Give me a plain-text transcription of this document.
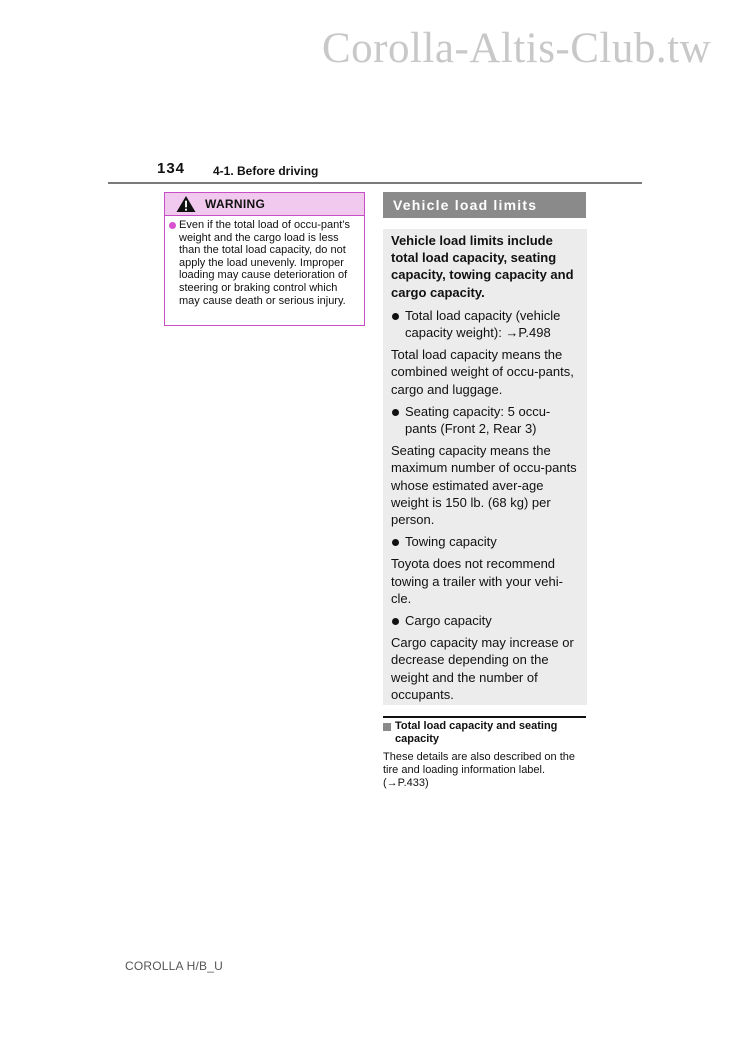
Corolla-Altis-Club.tw
134 4-1. Before driving
WARNING
Even if the total load of occu-pant’s weight and the cargo load is less than the total load capacity, do not apply the load unevenly. Improper loading may cause deterioration of steering or braking control which may cause death or serious injury.
Vehicle load limits
Vehicle load limits include total load capacity, seating capacity, towing capacity and cargo capacity.
Total load capacity (vehicle capacity weight): →P.498
Total load capacity means the combined weight of occu-pants, cargo and luggage.
Seating capacity: 5 occu-pants (Front 2, Rear 3)
Seating capacity means the maximum number of occu-pants whose estimated aver-age weight is 150 lb. (68 kg) per person.
Towing capacity
Toyota does not recommend towing a trailer with your vehi-cle.
Cargo capacity
Cargo capacity may increase or decrease depending on the weight and the number of occupants.
Total load capacity and seating capacity
These details are also described on the tire and loading information label. (→P.433)
COROLLA H/B_U
